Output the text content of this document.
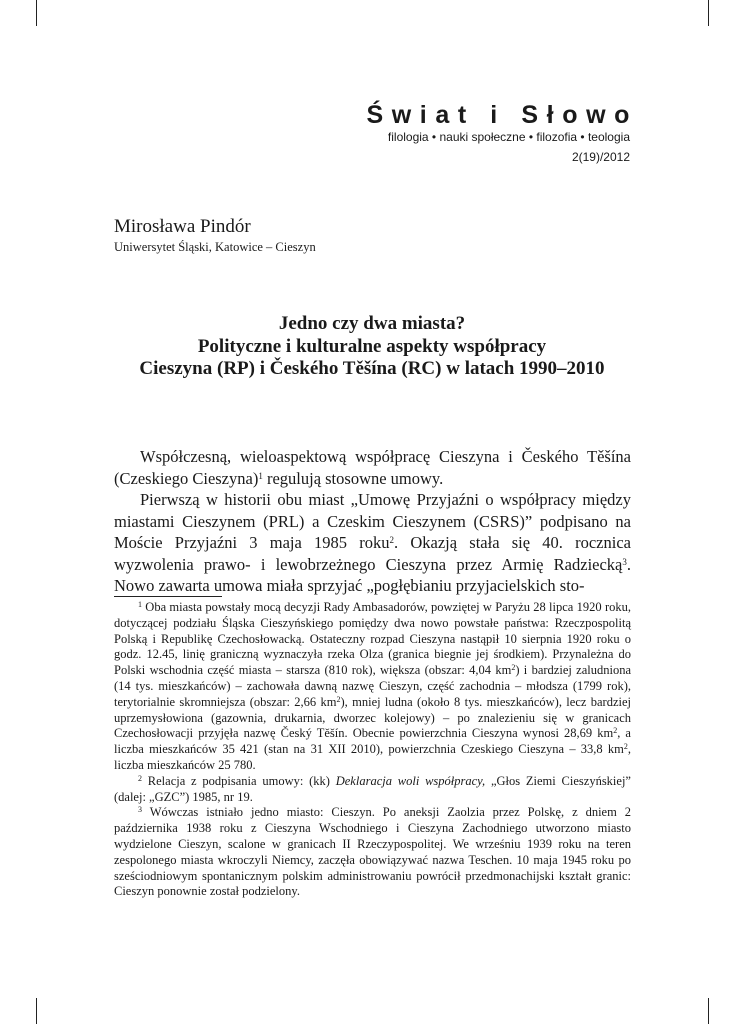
Świat i Słowo
filologia • nauki społeczne • filozofia • teologia
2(19)/2012
Mirosława Pindór
Uniwersytet Śląski, Katowice – Cieszyn
Jedno czy dwa miasta?
Polityczne i kulturalne aspekty współpracy
Cieszyna (RP) i Českého Těšína (RC) w latach 1990–2010

Współczesną, wieloaspektową współpracę Cieszyna i Českého Těšína (Czeskiego Cieszyna)$^1$ regulują stosowne umowy.

Pierwszą w historii obu miast „Umowę Przyjaźni o współpracy między miastami Cieszynem (PRL) a Czeskim Cieszynem (CSRS)” podpisano na Moście Przyjaźni 3 maja 1985 roku$^2$. Okazją stała się 40. rocznica wyzwolenia prawo- i lewobrzeżnego Cieszyna przez Armię Radziecką$^3$. Nowo zawarta umowa miała sprzyjać „pogłębianiu przyjacielskich sto-

$^1$ Oba miasta powstały mocą decyzji Rady Ambasadorów, powziętej w Paryżu 28 lipca 1920 roku, dotyczącej podziału Śląska Cieszyńskiego pomiędzy dwa nowo powstałe państwa: Rzeczpospolitą Polską i Republikę Czechosłowacką. Ostateczny rozpad Cieszyna nastąpił 10 sierpnia 1920 roku o godz. 12.45, linię graniczną wyznaczyła rzeka Olza (granica biegnie jej środkiem). Przynależna do Polski wschodnia część miasta – starsza (810 rok), większa (obszar: 4,04 $km^2$) i bardziej zaludniona (14 tys. mieszkańców) – zachowała dawną nazwę Cieszyn, część zachodnia – młodsza (1799 rok), terytorialnie skromniejsza (obszar: 2,66 $km^2$), mniej ludna (około 8 tys. mieszkańców), lecz bardziej uprzemysłowiona (gazownia, drukarnia, dworzec kolejowy) – po znalezieniu się w granicach Czechosłowacji przyjęła nazwę Český Těšín. Obecnie powierzchnia Cieszyna wynosi 28,69 $km^2$, a liczba mieszkańców 35 421 (stan na 31 XII 2010), powierzchnia Czeskiego Cieszyna – 33,8 $km^2$, liczba mieszkańców 25 780.

$^2$ Relacja z podpisania umowy: (kk) Deklaracja woli współpracy, „Głos Ziemi Cieszyńskiej” (dalej: „GZC”) 1985, nr 19.

$^3$ Wówczas istniało jedno miasto: Cieszyn. Po aneksji Zaolzia przez Polskę, z dniem 2 października 1938 roku z Cieszyna Wschodniego i Cieszyna Zachodniego utworzono miasto wydzielone Cieszyn, scalone w granicach II Rzeczypospolitej. We wrześniu 1939 roku na teren zespolonego miasta wkroczyli Niemcy, zaczęła obowiązywać nazwa Teschen. 10 maja 1945 roku po sześciodniowym spontanicznym polskim administrowaniu powrócił przedmonachijski kształt granic: Cieszyn ponownie został podzielony.
